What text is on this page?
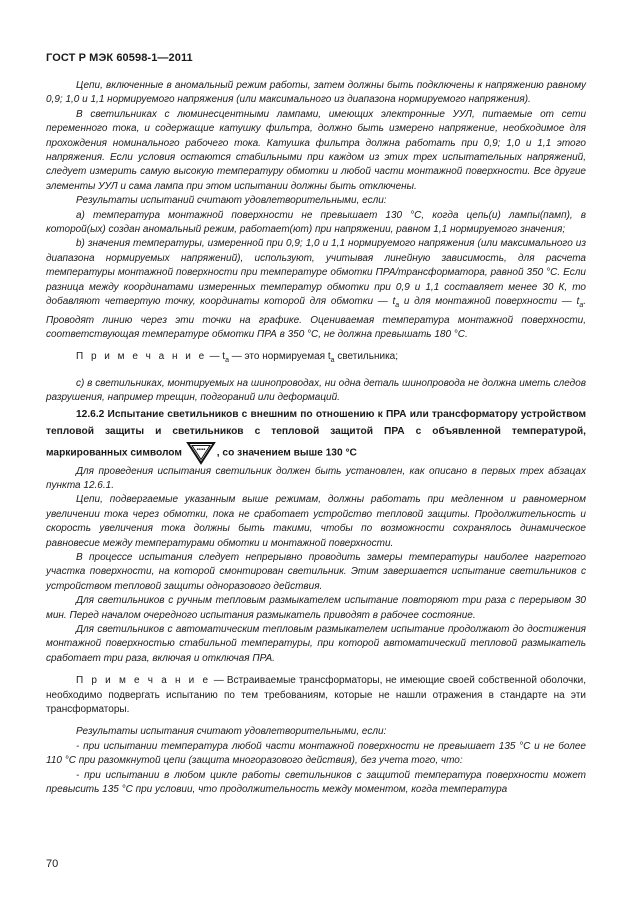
ГОСТ Р МЭК 60598-1—2011

Цепи, включенные в аномальный режим работы, затем должны быть подключены к напряжению равному 0,9; 1,0 и 1,1 нормируемого напряжения (или максимального из диапазона нормируемого напряжения).

В светильниках с люминесцентными лампами, имеющих электронные УУЛ, питаемые от сети переменного тока, и содержащие катушку фильтра, должно быть измерено напряжение, необходимое для прохождения номинального рабочего тока. Катушка фильтра должна работать при 0,9; 1,0 и 1,1 этого напряжения. Если условия остаются стабильными при каждом из этих трех испытательных напряжений, следует измерить самую высокую температуру обмотки и любой части монтажной поверхности. Все другие элементы УУЛ и сама лампа при этом испытании должны быть отключены.

Результаты испытаний считают удовлетворительными, если:

а) температура монтажной поверхности не превышает 130 °С, когда цепь(и) лампы(памп), в которой(ых) создан аномальный режим, работает(ют) при напряжении, равном 1,1 нормируемого значения;

b) значения температуры, измеренной при 0,9; 1,0 и 1,1 нормируемого напряжения (или максимального из диапазона нормируемых напряжений), используют, учитывая линейную зависимость, для расчета температуры монтажной поверхности при температуре обмотки ПРА/трансформатора, равной 350 °С. Если разница между координатами измеренных температур обмотки при 0,9 и 1,1 составляет менее 30 К, то добавляют четвертую точку, координаты которой для обмотки — $t_а$ и для монтажной поверхности — $t_а$. Проводят линию через эти точки на графике. Оцениваемая температура монтажной поверхности, соответствующая температуре обмотки ПРА в 350 °С, не должна превышать 180 °С.

П р и м е ч а н и е — $t_а$ — это нормируемая $t_а$ светильника;

с) в светильниках, монтируемых на шинопроводах, ни одна деталь шинопровода не должна иметь следов разрушения, например трещин, подгораний или деформаций.

12.6.2 Испытание светильников с внешним по отношению к ПРА или трансформатору устройством тепловой защиты и светильников с тепловой защитой ПРА с объявленной температурой, маркированных символом	••••• , со значением выше 130 °С

Для проведения испытания светильник должен быть установлен, как описано в первых трех абзацах пункта 12.6.1.

Цепи, подвергаемые указанным выше режимам, должны работать при медленном и равномерном увеличении тока через обмотки, пока не сработает устройство тепловой защиты. Продолжительность и скорость увеличения тока должны быть такими, чтобы по возможности сохранялось динамическое равновесие между температурами обмотки и монтажной поверхности.

В процессе испытания следует непрерывно проводить замеры температуры наиболее нагретого участка поверхности, на которой смонтирован светильник. Этим завершается испытание светильников с устройством тепловой защиты одноразового действия.

Для светильников с ручным тепловым размыкателем испытание повторяют три раза с перерывом 30 мин. Перед началом очередного испытания размыкатель приводят в рабочее состояние.

Для светильников с автоматическим тепловым размыкателем испытание продолжают до достижения монтажной поверхностью стабильной температуры, при которой автоматический тепловой размыкатель сработает три раза, включая и отключая ПРА.

П р и м е ч а н и е — Встраиваемые трансформаторы, не имеющие своей собственной оболочки, необходимо подвергать испытанию по тем требованиям, которые не нашли отражения в стандарте на эти трансформаторы.

Результаты испытания считают удовлетворительными, если:

- при испытании температура любой части монтажной поверхности не превышает 135 °С и не более 110 °С при разомкнутой цепи (защита многоразового действия), без учета того, что:

- при испытании в любом цикле работы светильников с защитой температура поверхности может превысить 135 °С при условии, что продолжительность между моментом, когда температура

70
